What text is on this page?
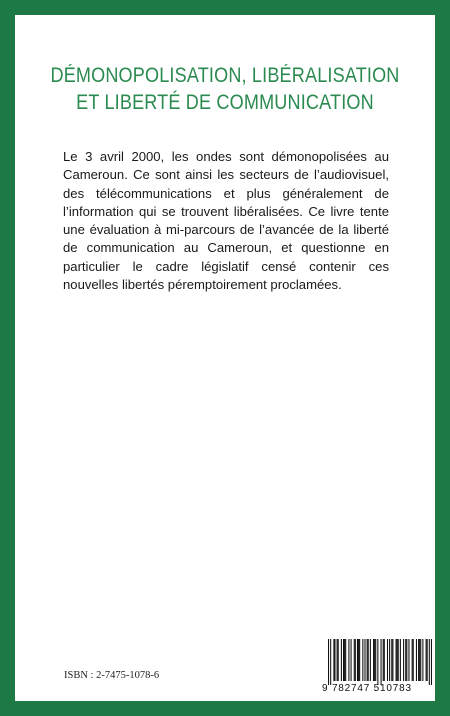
DÉMONOPOLISATION, LIBÉRALISATION
ET LIBERTÉ DE COMMUNICATION

Le 3 avril 2000, les ondes sont démonopolisées au Cameroun. Ce sont ainsi les secteurs de l’audiovisuel, des télécommunications et plus généralement de l’information qui se trouvent libéralisées. Ce livre tente une évaluation à mi-parcours de l’avancée de la liberté de communication au Cameroun, et questionne en particulier le cadre législatif censé contenir ces nouvelles libertés péremptoirement proclamées.

ISBN : 2-7475-1078-6
9 782747 510783
